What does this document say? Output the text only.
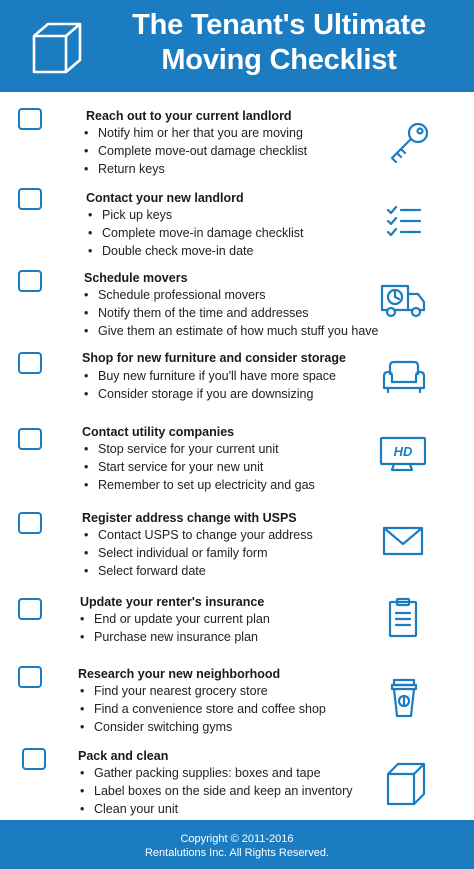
The Tenant's Ultimate
Moving Checklist
Reach out to your current landlord
• Notify him or her that you are moving
• Complete move-out damage checklist
• Return keys
Contact your new landlord
• Pick up keys
• Complete move-in damage checklist
• Double check move-in date
Schedule movers
• Schedule professional movers
• Notify them of the time and addresses
• Give them an estimate of how much stuff you have
Shop for new furniture and consider storage
• Buy new furniture if you'll have more space
• Consider storage if you are downsizing
Contact utility companies
• Stop service for your current unit
• Start service for your new unit
• Remember to set up electricity and gas
HD
Register address change with USPS
• Contact USPS to change your address
• Select individual or family form
• Select forward date
Update your renter's insurance
• End or update your current plan
• Purchase new insurance plan
Research your new neighborhood
• Find your nearest grocery store
• Find a convenience store and coffee shop
• Consider switching gyms
Pack and clean
• Gather packing supplies: boxes and tape
• Label boxes on the side and keep an inventory
• Clean your unit
Copyright © 2011-2016
Rentalutions Inc. All Rights Reserved.
